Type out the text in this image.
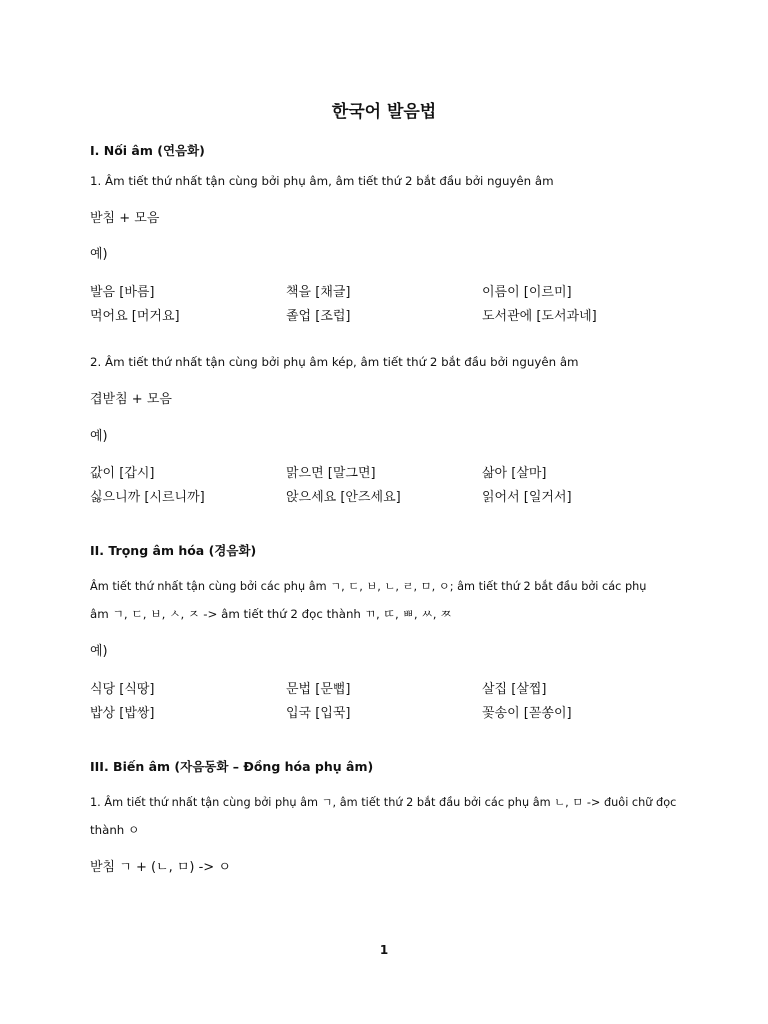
한국어 발음법
I. Nối âm (연음화)
1. Âm tiết thứ nhất tận cùng bởi phụ âm, âm tiết thứ 2 bắt đầu bởi nguyên âm
받침 + 모음
예)
발음 [바름]	책을 [채글]	이름이 [이르미]
먹어요 [머거요]	졸업 [조럽]	도서관에 [도서과네]
2. Âm tiết thứ nhất tận cùng bởi phụ âm kép, âm tiết thứ 2 bắt đầu bởi nguyên âm
겹받침 + 모음
예)
값이 [갑시]	맑으면 [말그면]	삶아 [살마]
싫으니까 [시르니까]	앉으세요 [안즈세요]	읽어서 [일거서]
II. Trọng âm hóa (경음화)
Âm tiết thứ nhất tận cùng bởi các phụ âm ㄱ, ㄷ, ㅂ, ㄴ, ㄹ, ㅁ, ㅇ; âm tiết thứ 2 bắt đầu bởi các phụ
âm ㄱ, ㄷ, ㅂ, ㅅ, ㅈ -> âm tiết thứ 2 đọc thành ㄲ, ㄸ, ㅃ, ㅆ, ㅉ
예)
식당 [식땅]	문법 [문뻡]	살집 [살찝]
밥상 [밥쌍]	입국 [입꾹]	꽃송이 [꼳쏭이]
III. Biến âm (자음동화 – Đồng hóa phụ âm)
1. Âm tiết thứ nhất tận cùng bởi phụ âm ㄱ, âm tiết thứ 2 bắt đầu bởi các phụ âm ㄴ, ㅁ -> đuôi chữ đọc
thành ㅇ
받침 ㄱ + (ㄴ, ㅁ) -> ㅇ
1
